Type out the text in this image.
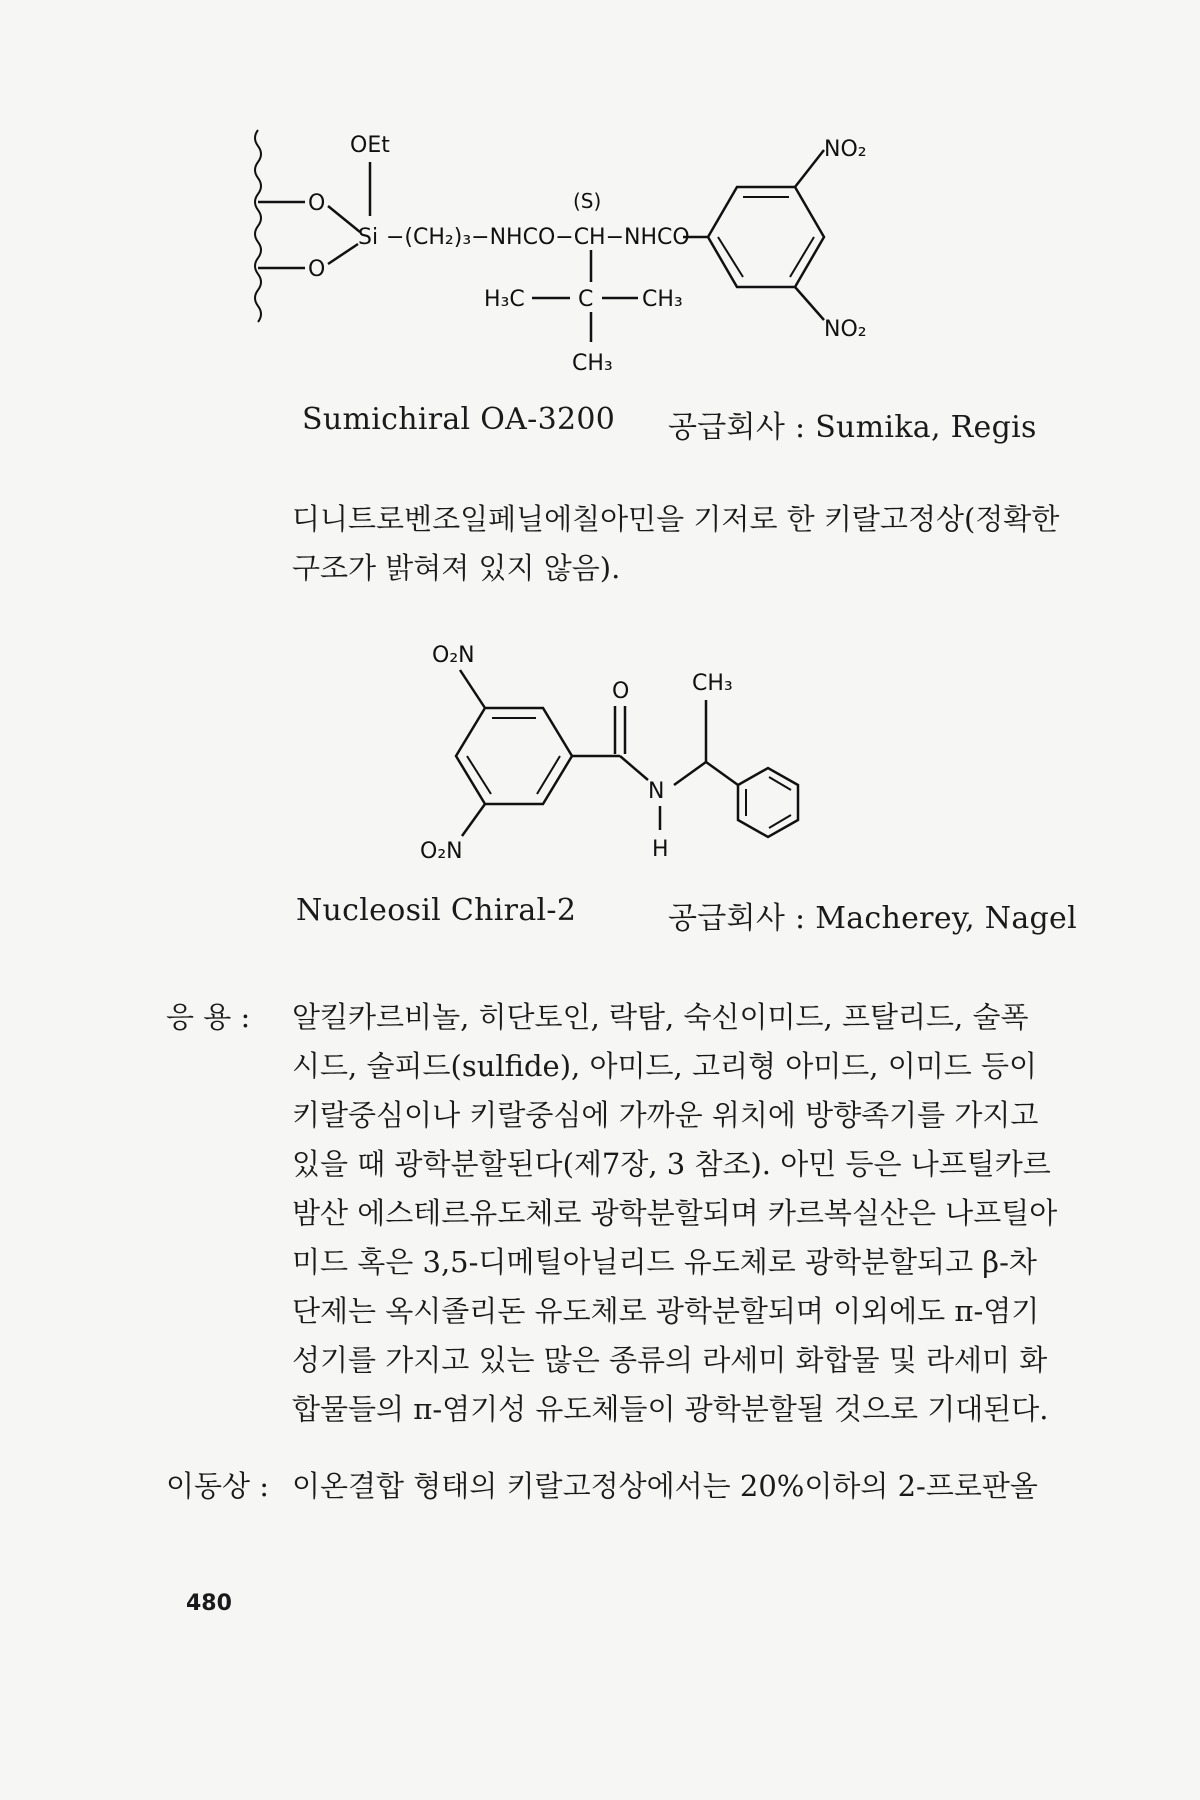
O
O
OEt
Si −(CH₂)₃−NHCO−CH−NHCO
(S)
H₃C C CH₃
CH₃
NO₂
NO₂
Sumichiral OA-3200 공급회사 : Sumika, Regis
디니트로벤조일페닐에칠아민을 기저로 한 키랄고정상(정확한
구조가 밝혀져 있지 않음).
O₂N
O₂N
O
N
H
CH₃
Nucleosil Chiral-2	공급회사 : Macherey, Nagel
응 용 : 알킬카르비놀, 히단토인, 락탐, 숙신이미드, 프탈리드, 술폭
시드, 술피드(sulfide), 아미드, 고리형 아미드, 이미드 등이
키랄중심이나 키랄중심에 가까운 위치에 방향족기를 가지고
있을 때 광학분할된다(제7장, 3 참조). 아민 등은 나프틸카르
밤산 에스테르유도체로 광학분할되며 카르복실산은 나프틸아
미드 혹은 3,5-디메틸아닐리드 유도체로 광학분할되고 β-차
단제는 옥시졸리돈 유도체로 광학분할되며 이외에도 π-염기
성기를 가지고 있는 많은 종류의 라세미 화합물 및 라세미 화
합물들의 π-염기성 유도체들이 광학분할될 것으로 기대된다.
이동상 : 이온결합 형태의 키랄고정상에서는 20%이하의 2-프로판올
480
